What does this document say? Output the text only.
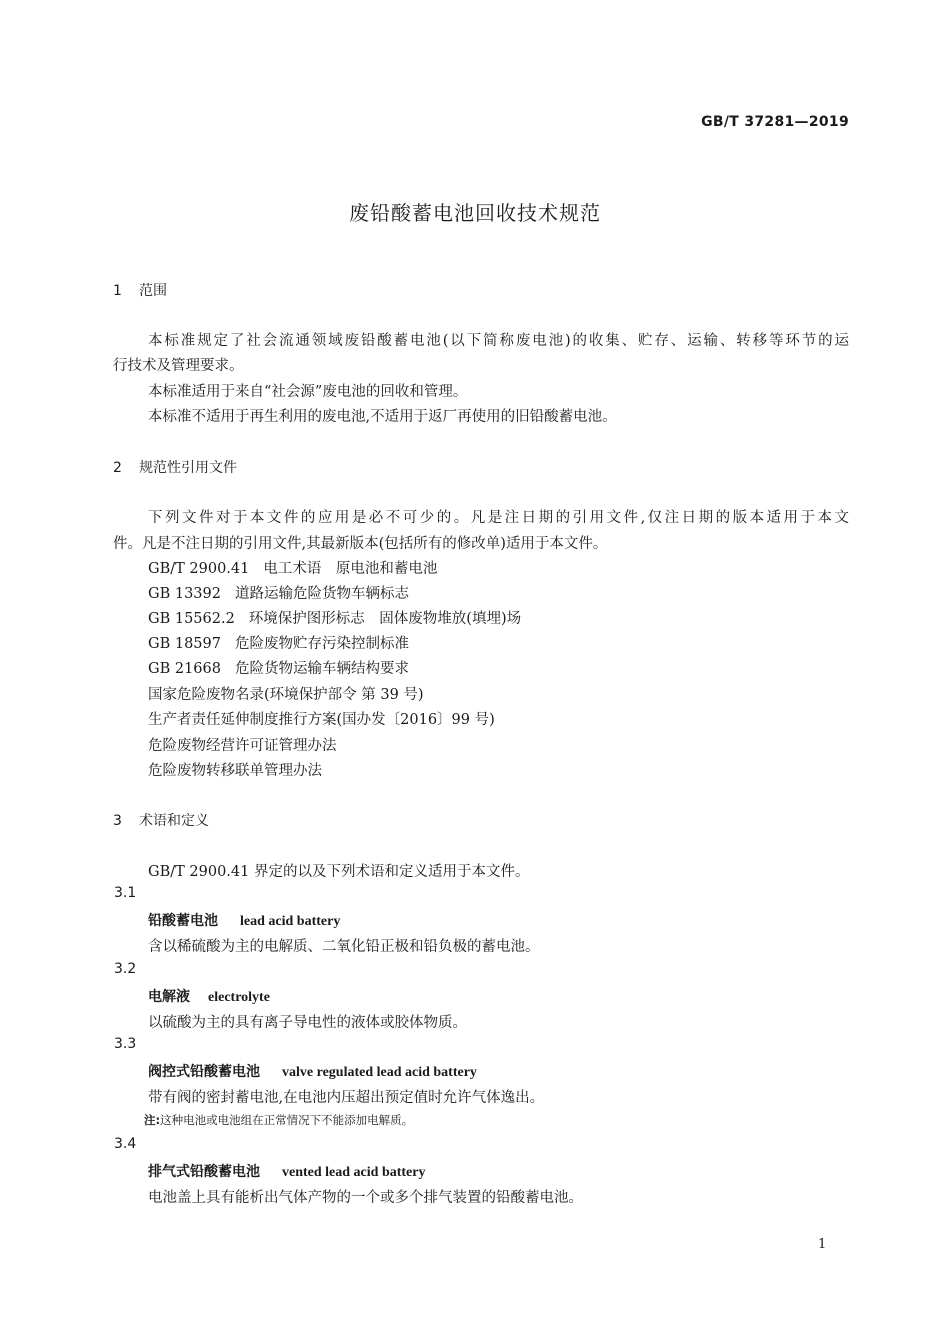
GB/T 37281—2019
废铅酸蓄电池回收技术规范
1 范围
本标准规定了社会流通领域废铅酸蓄电池(以下简称废电池)的收集、贮存、运输、转移等环节的运
行技术及管理要求。
本标准适用于来自“社会源”废电池的回收和管理。
本标准不适用于再生利用的废电池,不适用于返厂再使用的旧铅酸蓄电池。
2 规范性引用文件
下列文件对于本文件的应用是必不可少的。凡是注日期的引用文件,仅注日期的版本适用于本文
件。凡是不注日期的引用文件,其最新版本(包括所有的修改单)适用于本文件。
GB/T 2900.41 电工术语　原电池和蓄电池
GB 13392 道路运输危险货物车辆标志
GB 15562.2 环境保护图形标志　固体废物堆放(填埋)场
GB 18597 危险废物贮存污染控制标准
GB 21668 危险货物运输车辆结构要求
国家危险废物名录(环境保护部令 第 39 号)
生产者责任延伸制度推行方案(国办发〔2016〕99 号)
危险废物经营许可证管理办法
危险废物转移联单管理办法
3 术语和定义
GB/T 2900.41 界定的以及下列术语和定义适用于本文件。
3.1
铅酸蓄电池 lead acid battery
含以稀硫酸为主的电解质、二氧化铅正极和铅负极的蓄电池。
3.2
电解液 electrolyte
以硫酸为主的具有离子导电性的液体或胶体物质。
3.3
阀控式铅酸蓄电池 valve regulated lead acid battery
带有阀的密封蓄电池,在电池内压超出预定值时允许气体逸出。
注:这种电池或电池组在正常情况下不能添加电解质。
3.4
排气式铅酸蓄电池 vented lead acid battery
电池盖上具有能析出气体产物的一个或多个排气装置的铅酸蓄电池。
1
